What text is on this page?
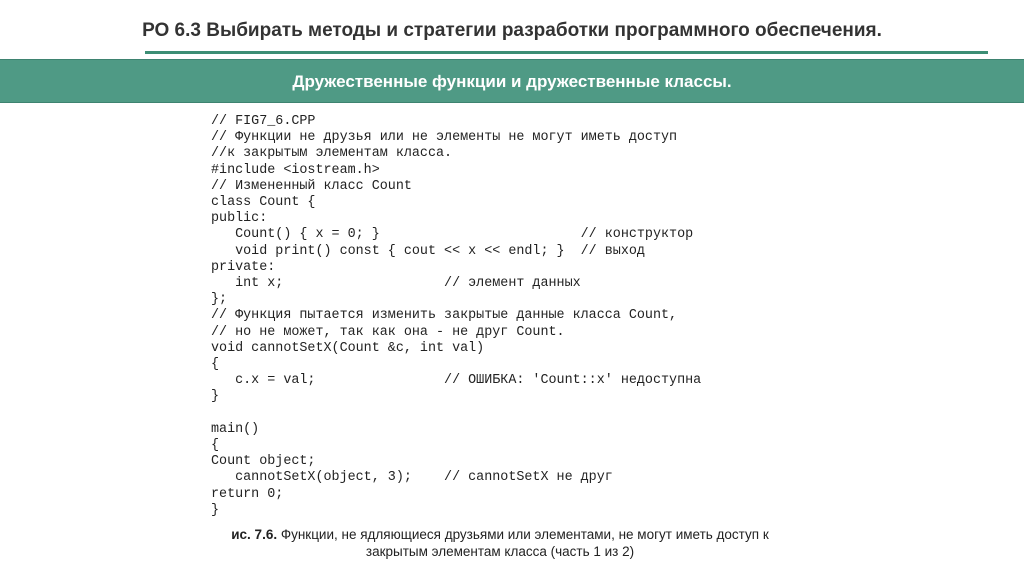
РО 6.3 Выбирать методы и стратегии разработки программного обеспечения.
Дружественные функции и дружественные классы.
// FIG7_6.CPP
// Функции не друзья или не элементы не могут иметь доступ
//к закрытым элементам класса.
#include <iostream.h>
// Измененный класс Count
class Count {
public:
Count() { x = 0; }                         // конструктор
void print() const { cout << x << endl; }  // выход
private:
int x;                    // элемент данных
};
// Функция пытается изменить закрытые данные класса Count,
// но не может, так как она - не друг Count.
void cannotSetX(Count &c, int val)
{
c.x = val;                // ОШИБКА: 'Count::x' недоступна
}

main()
{
Count object;
cannotSetX(object, 3);    // cannotSetX не друг
return 0;
}
ис. 7.6. Функции, не ядляющиеся друзьями или элементами, не могут иметь доступ к
закрытым элементам класса (часть 1 из 2)
